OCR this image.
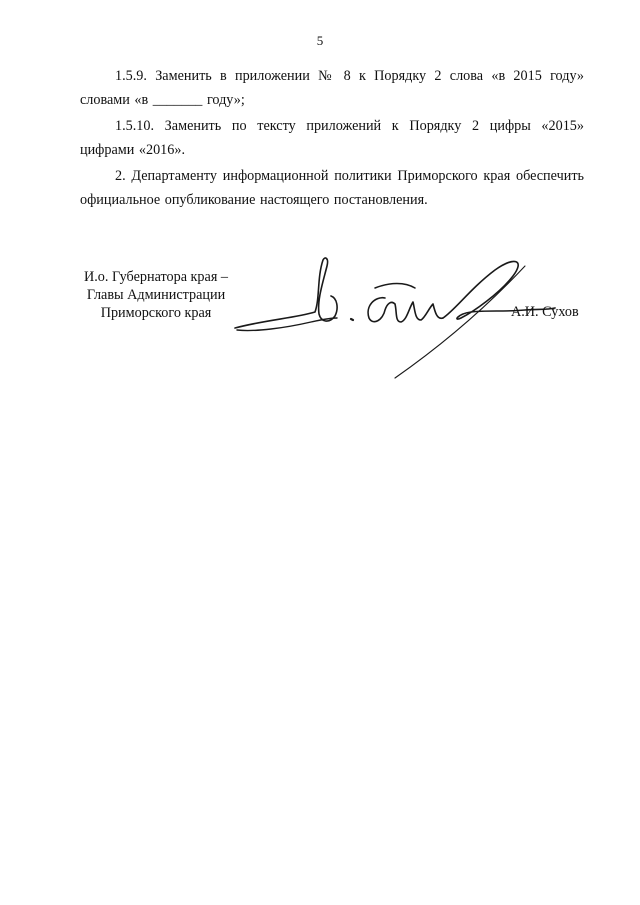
5

1.5.9. Заменить в приложении № 8 к Порядку 2 слова «в 2015 году» словами «в _______ году»;

1.5.10. Заменить по тексту приложений к Порядку 2 цифры «2015» цифрами «2016».

2. Департаменту информационной политики Приморского края обеспечить официальное опубликование настоящего постановления.

И.о. Губернатора края –
Главы Администрации
Приморского края	А.И. Сухов
